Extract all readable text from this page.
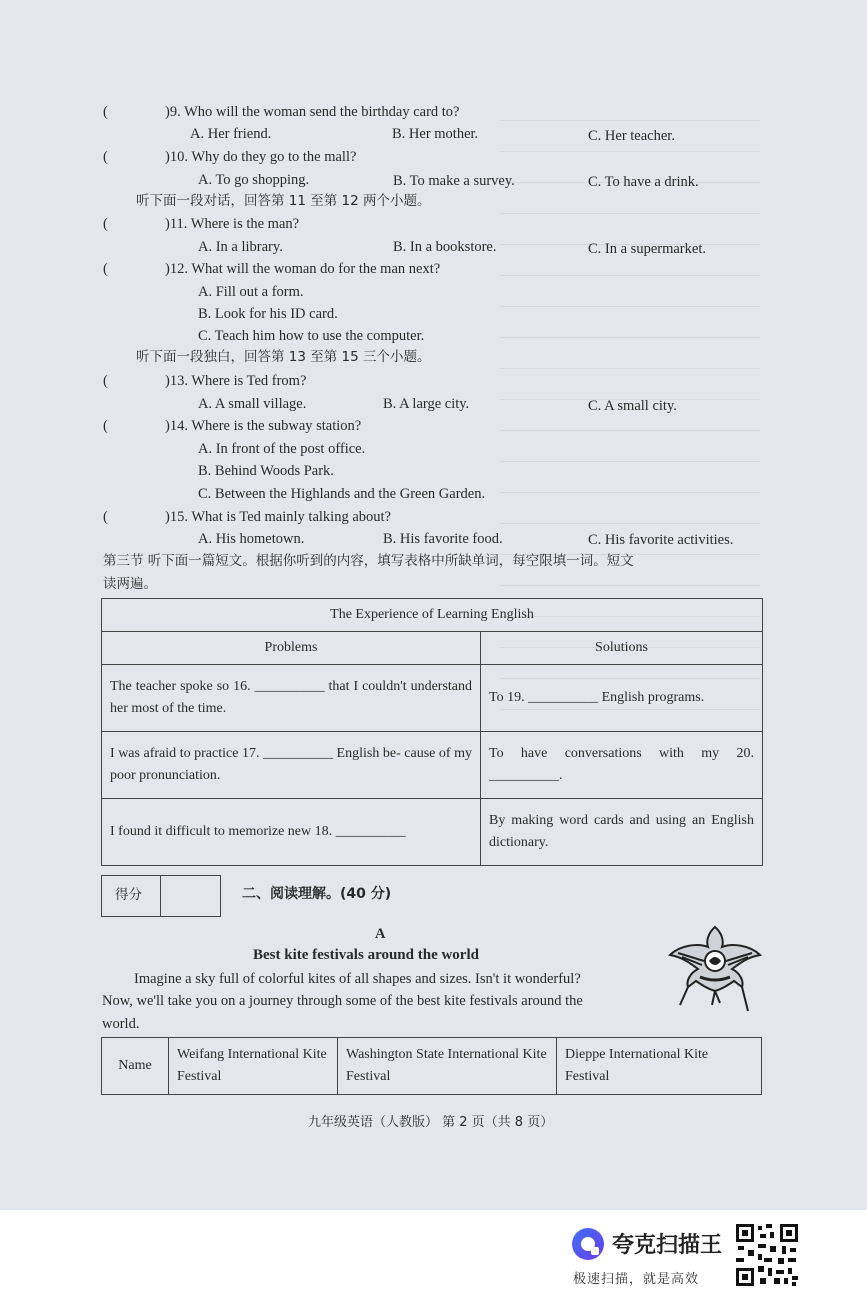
(	)9. Who will the woman send the birthday card to?
A. Her friend.	B. Her mother.	C. Her teacher.
(	)10. Why do they go to the mall?
A. To go shopping.	B. To make a survey.	C. To have a drink.
听下面一段对话，回答第 11 至第 12 两个小题。
(	)11. Where is the man?
A. In a library.	B. In a bookstore.	C. In a supermarket.
(	)12. What will the woman do for the man next?
A. Fill out a form.
B. Look for his ID card.
C. Teach him how to use the computer.
听下面一段独白，回答第 13 至第 15 三个小题。
(	)13. Where is Ted from?
A. A small village.	B. A large city.	C. A small city.
(	)14. Where is the subway station?
A. In front of the post office.
B. Behind Woods Park.
C. Between the Highlands and the Green Garden.
(	)15. What is Ted mainly talking about?
A. His hometown.	B. His favorite food.	C. His favorite activities.
第三节 听下面一篇短文。根据你听到的内容，填写表格中所缺单词，每空限填一词。短文
读两遍。
The Experience of Learning English	
Problems	Solutions
The teacher spoke so 16. __________ that I couldn't understand her most of the time.	To 19. __________ English programs.
I was afraid to practice 17. __________ English be- cause of my poor pronunciation.	To have conversations with my 20. __________.
I found it difficult to memorize new 18. __________	By making word cards and using an English dictionary.
得分	二、阅读理解。(40 分)
A
Best kite festivals around the world
Imagine a sky full of colorful kites of all shapes and sizes. Isn't it wonderful?
Now, we'll take you on a journey through some of the best kite festivals around the
world.
Name	Weifang International Kite Festival	Washington State International Kite Festival	Dieppe International Kite Festival
九年级英语（人教版） 第 2 页（共 8 页）
夸克扫描王
极速扫描，就是高效
